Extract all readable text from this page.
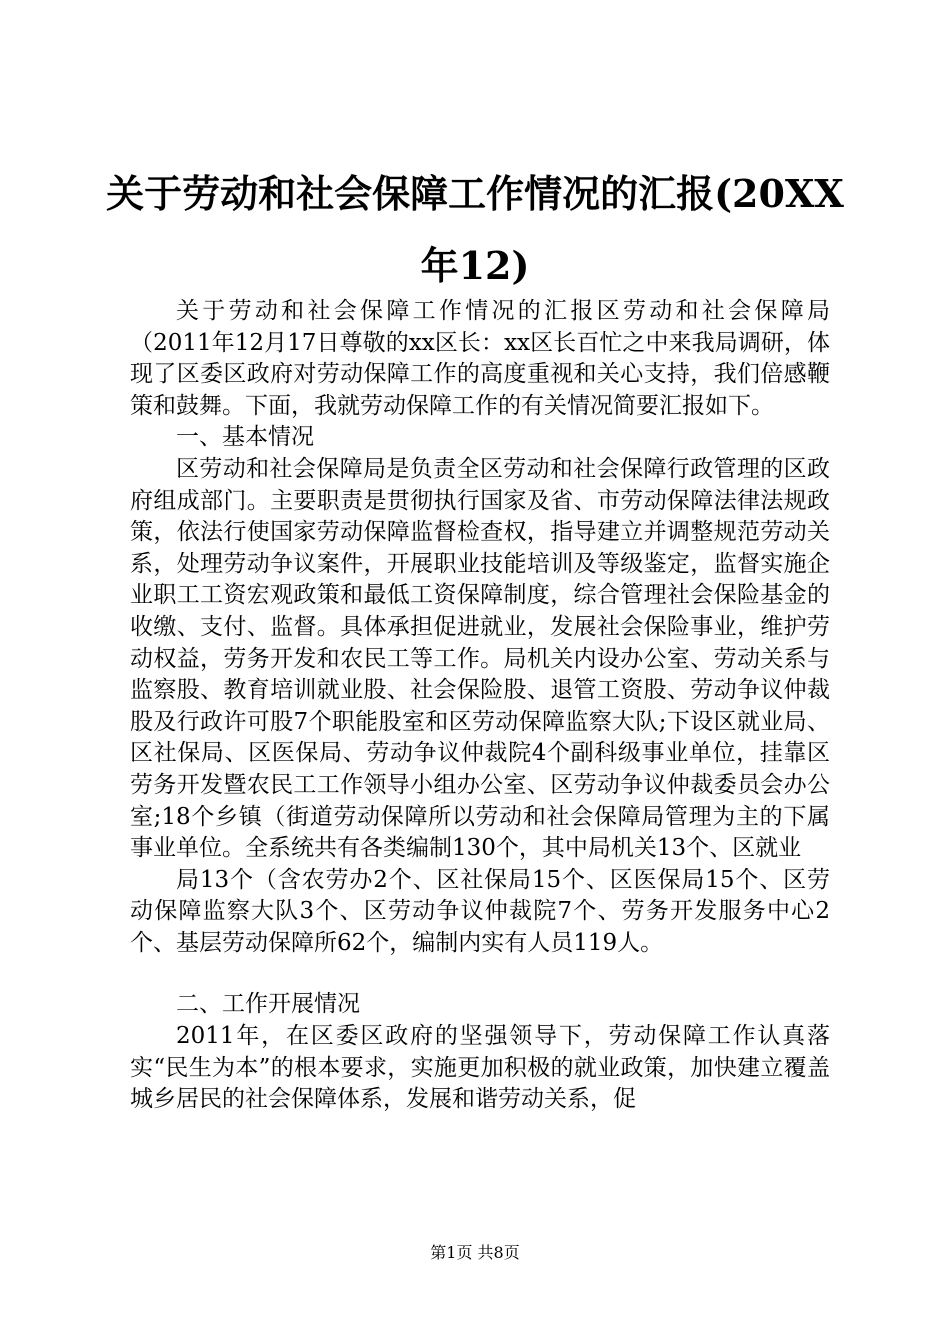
关于劳动和社会保障工作情况的汇报(20XX年12)

关于劳动和社会保障工作情况的汇报区劳动和社会保障局（2011年12月17日尊敬的xx区长：xx区长百忙之中来我局调研，体现了区委区政府对劳动保障工作的高度重视和关心支持，我们倍感鞭策和鼓舞。下面，我就劳动保障工作的有关情况简要汇报如下。

一、基本情况

区劳动和社会保障局是负责全区劳动和社会保障行政管理的区政府组成部门。主要职责是贯彻执行国家及省、市劳动保障法律法规政策，依法行使国家劳动保障监督检查权，指导建立并调整规范劳动关系，处理劳动争议案件，开展职业技能培训及等级鉴定，监督实施企业职工工资宏观政策和最低工资保障制度，综合管理社会保险基金的收缴、支付、监督。具体承担促进就业，发展社会保险事业，维护劳动权益，劳务开发和农民工等工作。局机关内设办公室、劳动关系与监察股、教育培训就业股、社会保险股、退管工资股、劳动争议仲裁股及行政许可股7个职能股室和区劳动保障监察大队;下设区就业局、区社保局、区医保局、劳动争议仲裁院4个副科级事业单位，挂靠区劳务开发暨农民工工作领导小组办公室、区劳动争议仲裁委员会办公室;18个乡镇（街道劳动保障所以劳动和社会保障局管理为主的下属事业单位。全系统共有各类编制130个，其中局机关13个、区就业

局13个（含农劳办2个、区社保局15个、区医保局15个、区劳动保障监察大队3个、区劳动争议仲裁院7个、劳务开发服务中心2个、基层劳动保障所62个，编制内实有人员119人。

二、工作开展情况

2011年，在区委区政府的坚强领导下，劳动保障工作认真落实“民生为本”的根本要求，实施更加积极的就业政策，加快建立覆盖城乡居民的社会保障体系，发展和谐劳动关系，促

第1页 共8页
